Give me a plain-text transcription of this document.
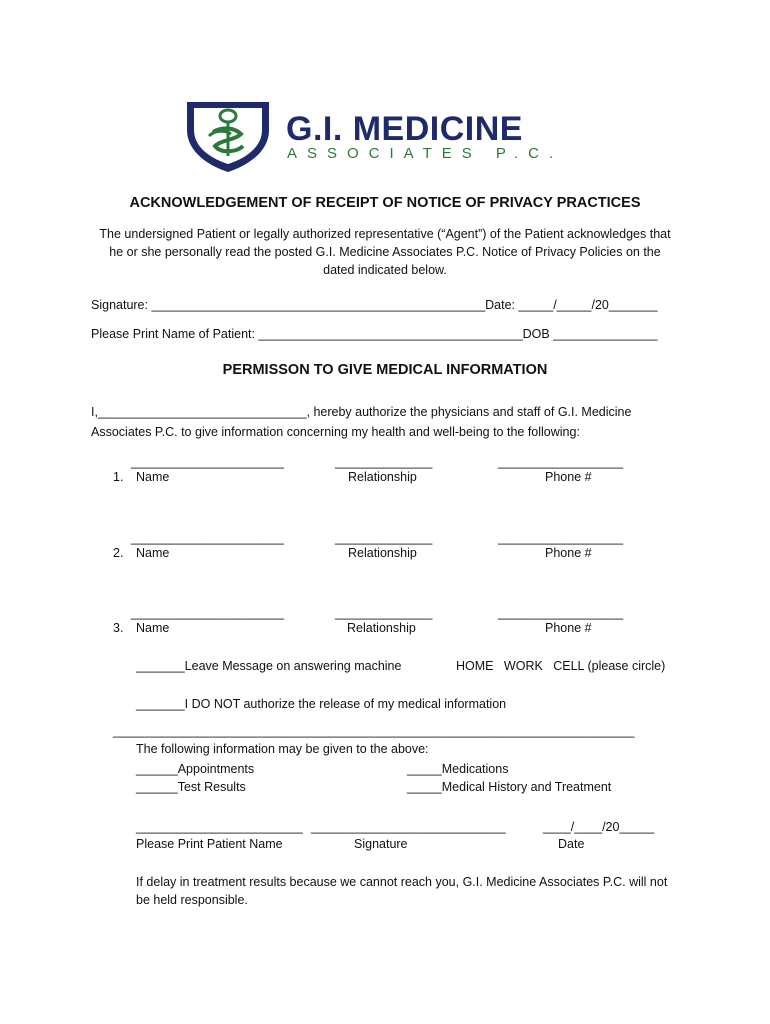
G.I. MEDICINE
ASSOCIATES P.C.
ACKNOWLEDGEMENT OF RECEIPT OF NOTICE OF PRIVACY PRACTICES
The undersigned Patient or legally authorized representative (“Agent”) of the Patient acknowledges that
he or she personally read the posted G.I. Medicine Associates P.C. Notice of Privacy Policies on the
dated indicated below.
Signature: ________________________________________________Date: _____/_____/20_______
Please Print Name of Patient: ______________________________________DOB _______________
PERMISSON TO GIVE MEDICAL INFORMATION
I,______________________________, hereby authorize the physicians and staff of G.I. Medicine
Associates P.C. to give information concerning my health and well-being to the following:
______________________	______________	__________________
1. Name	Relationship	Phone #
______________________	______________	__________________
2. Name	Relationship	Phone #
______________________	______________	__________________
3. Name	Relationship	Phone #
_______Leave Message on answering machine	HOME   WORK   CELL (please circle)
_______I DO NOT authorize the release of my medical information
___________________________________________________________________________
The following information may be given to the above:
______Appointments	_____Medications
______Test Results	_____Medical History and Treatment
________________________ ____________________________	____/____/20_____
Please Print Patient Name	Signature	Date
If delay in treatment results because we cannot reach you, G.I. Medicine Associates P.C. will not
be held responsible.
